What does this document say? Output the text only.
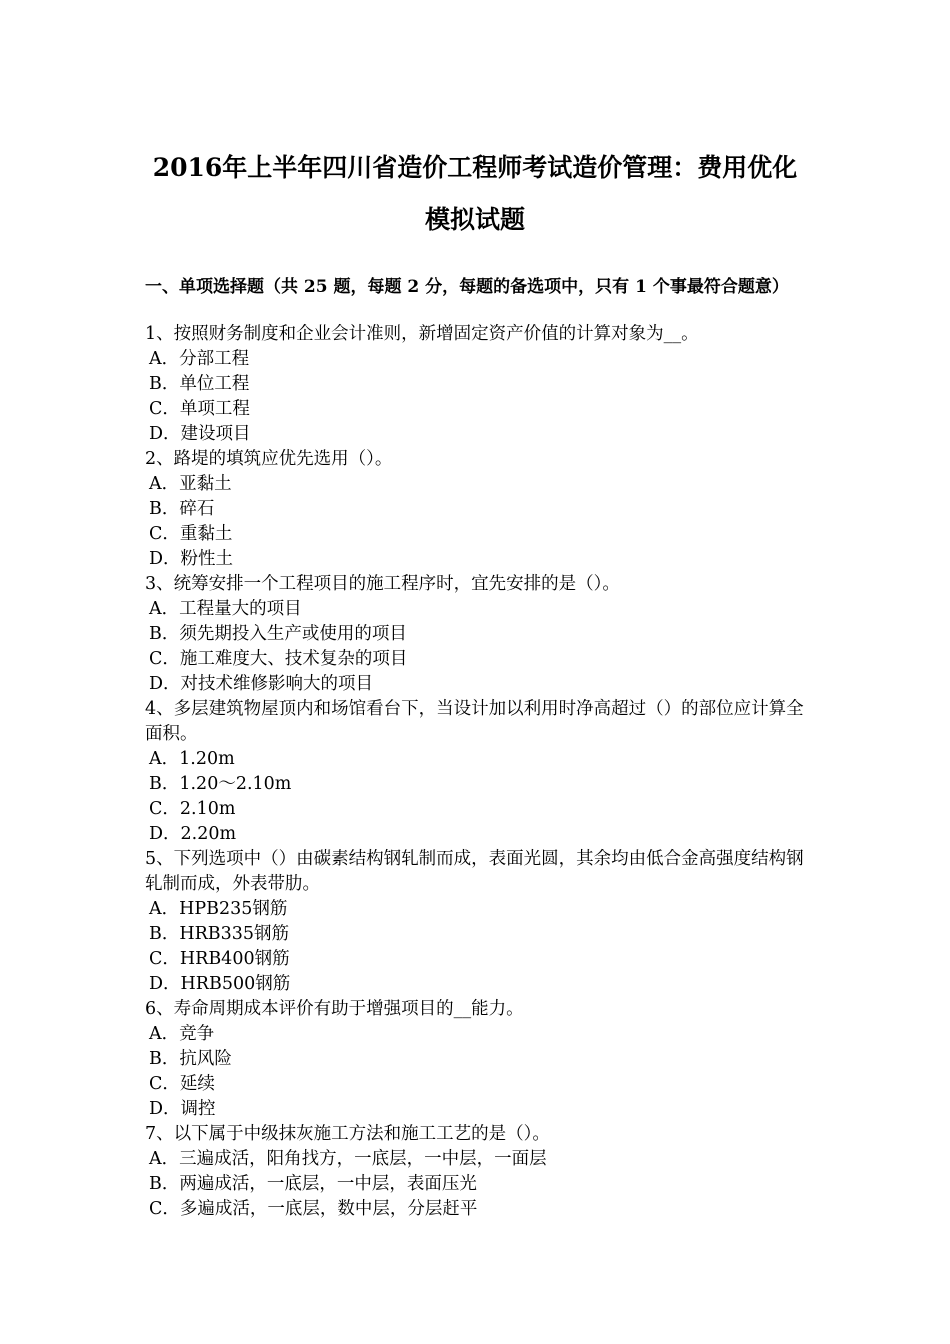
2016年上半年四川省造价工程师考试造价管理：费用优化
模拟试题
一、单项选择题（共 25 题，每题 2 分，每题的备选项中，只有 1 个事最符合题意）
1、按照财务制度和企业会计准则，新增固定资产价值的计算对象为__。
A．分部工程
B．单位工程
C．单项工程
D．建设项目
2、路堤的填筑应优先选用（）。
A．亚黏土
B．碎石
C．重黏土
D．粉性土
3、统筹安排一个工程项目的施工程序时，宜先安排的是（）。
A．工程量大的项目
B．须先期投入生产或使用的项目
C．施工难度大、技术复杂的项目
D．对技术维修影响大的项目
4、多层建筑物屋顶内和场馆看台下，当设计加以利用时净高超过（）的部位应计算全面积。
A．1.20m
B．1.20～2.10m
C．2.10m
D．2.20m
5、下列选项中（）由碳素结构钢轧制而成，表面光圆，其余均由低合金高强度结构钢轧制而成，外表带肋。
A．HPB235钢筋
B．HRB335钢筋
C．HRB400钢筋
D．HRB500钢筋
6、寿命周期成本评价有助于增强项目的__能力。
A．竞争
B．抗风险
C．延续
D．调控
7、以下属于中级抹灰施工方法和施工工艺的是（）。
A．三遍成活，阳角找方，一底层，一中层，一面层
B．两遍成活，一底层，一中层，表面压光
C．多遍成活，一底层，数中层，分层赶平
